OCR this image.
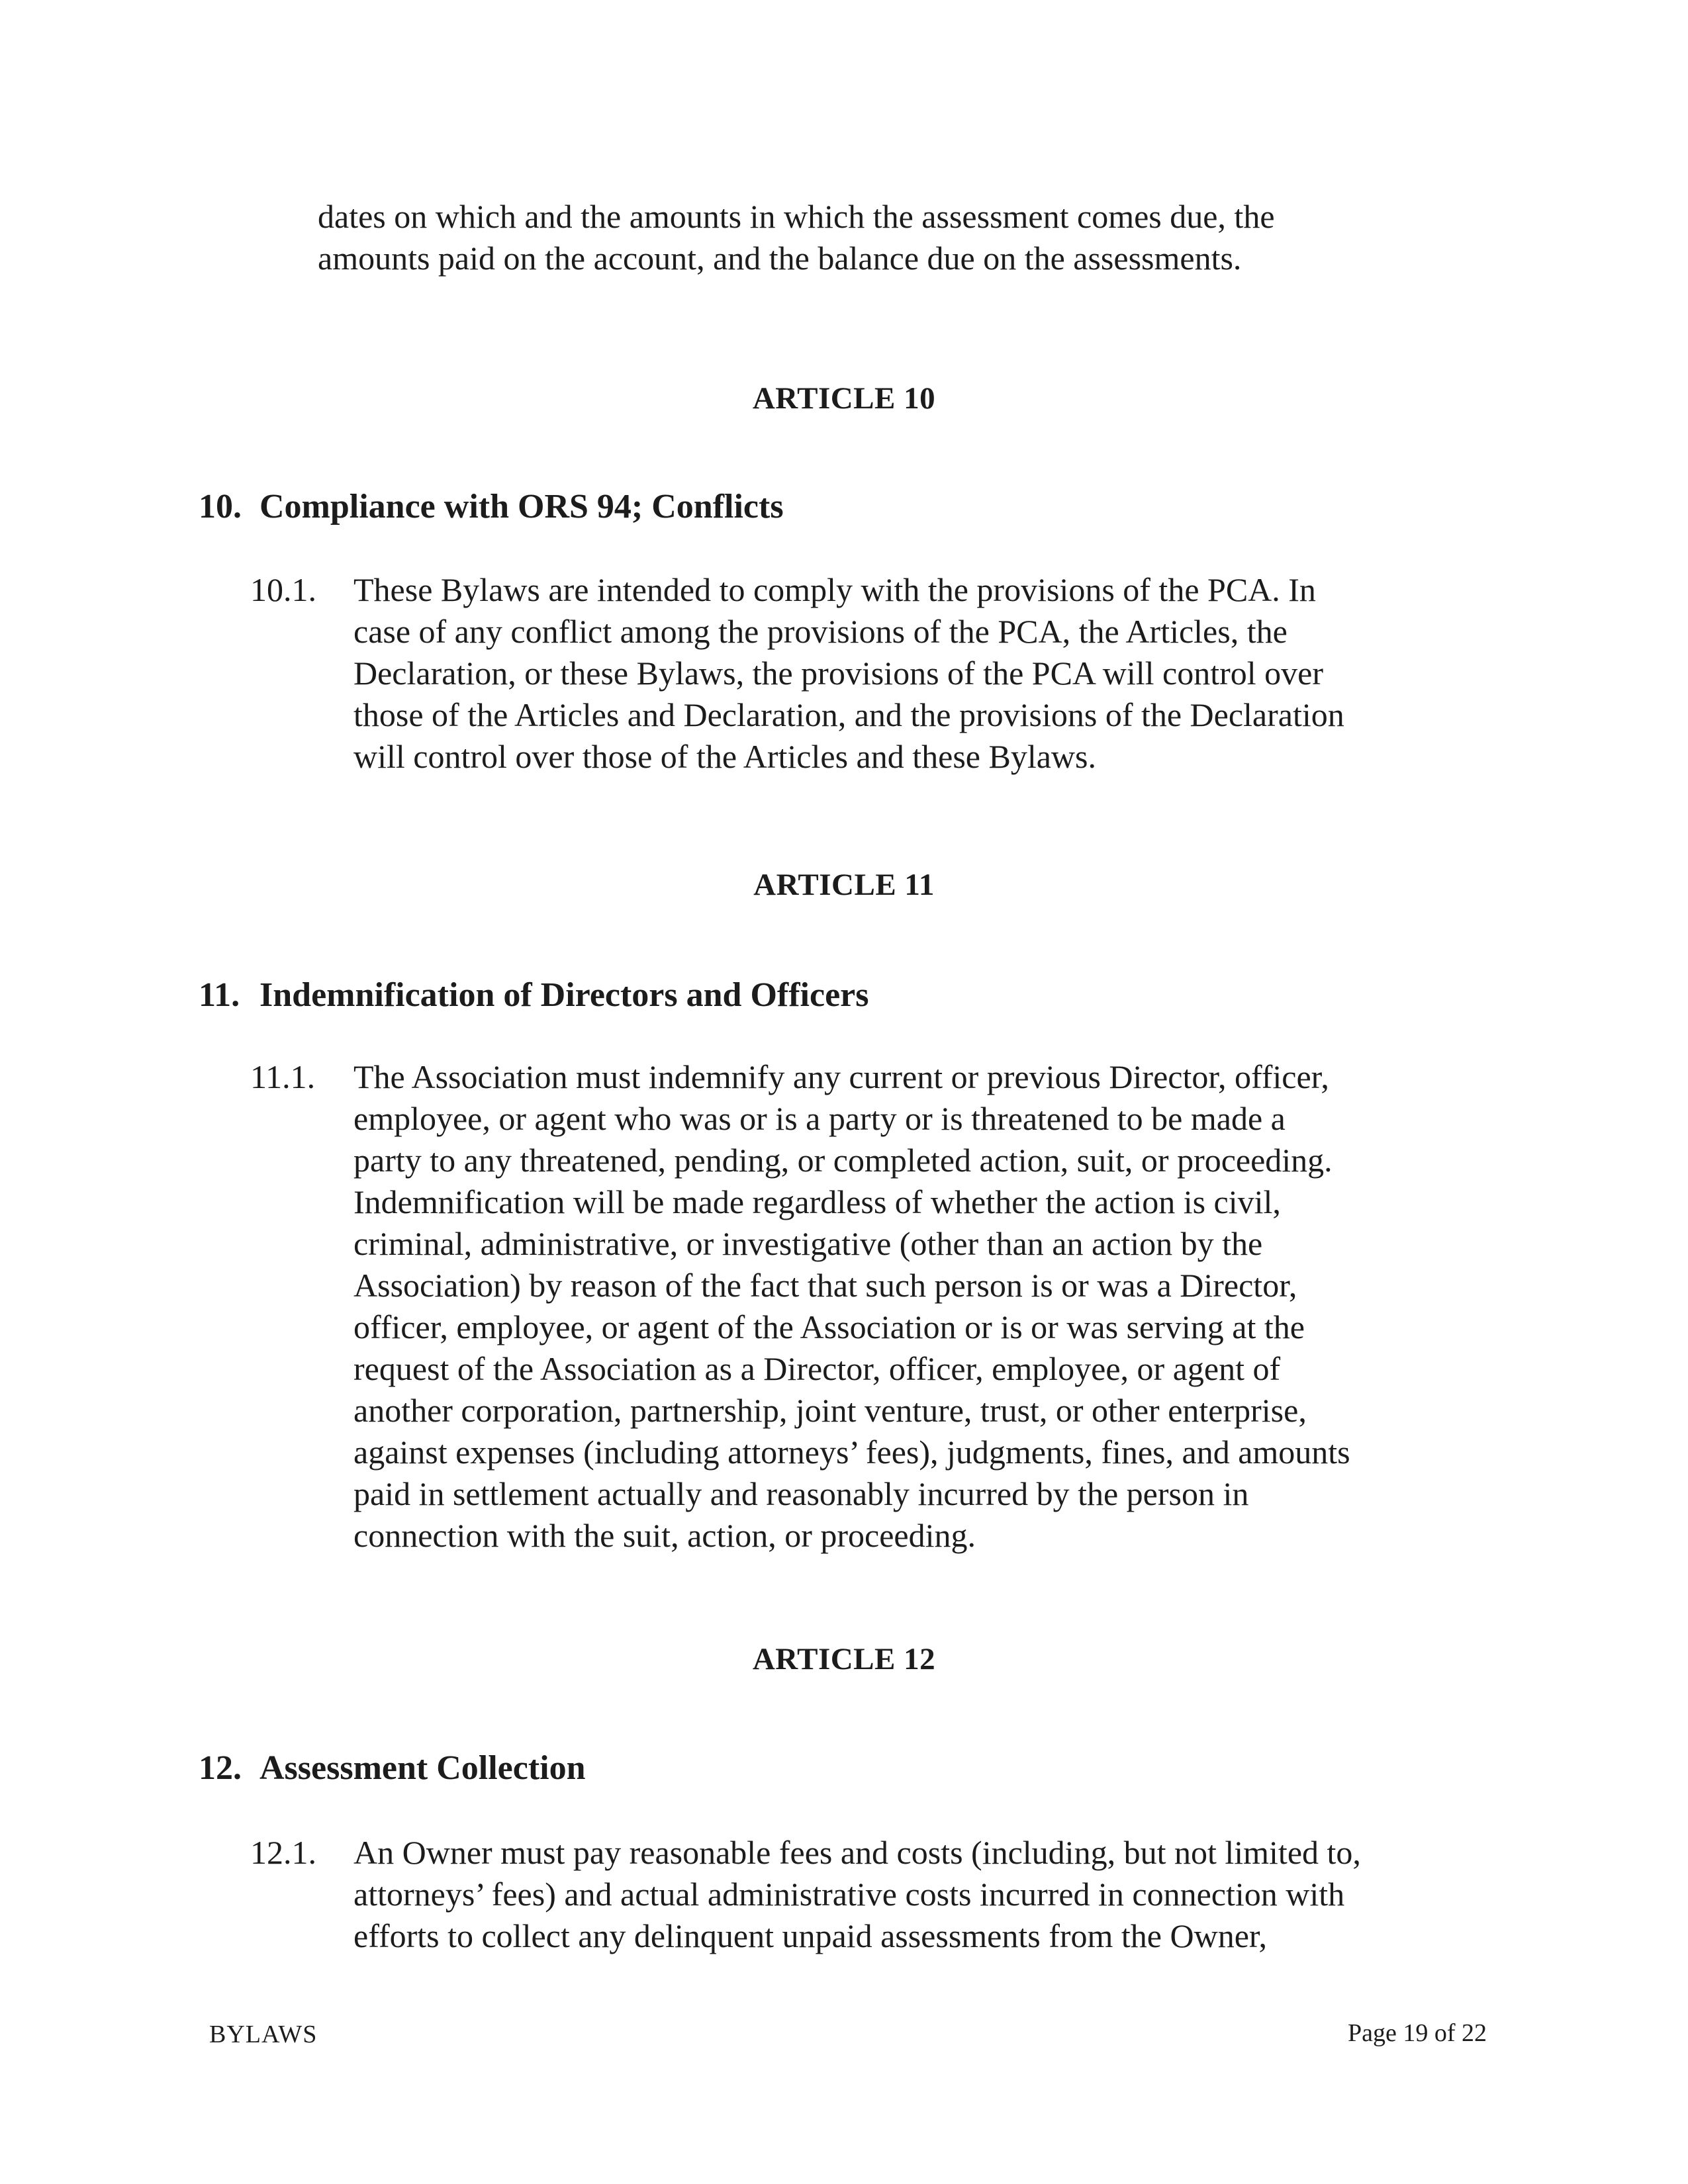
dates on which and the amounts in which the assessment comes due, the
amounts paid on the account, and the balance due on the assessments.
ARTICLE 10
10. Compliance with ORS 94; Conflicts
10.1. These Bylaws are intended to comply with the provisions of the PCA. In
case of any conflict among the provisions of the PCA, the Articles, the
Declaration, or these Bylaws, the provisions of the PCA will control over
those of the Articles and Declaration, and the provisions of the Declaration
will control over those of the Articles and these Bylaws.
ARTICLE 11
11. Indemnification of Directors and Officers
11.1. The Association must indemnify any current or previous Director, officer,
employee, or agent who was or is a party or is threatened to be made a
party to any threatened, pending, or completed action, suit, or proceeding.
Indemnification will be made regardless of whether the action is civil,
criminal, administrative, or investigative (other than an action by the
Association) by reason of the fact that such person is or was a Director,
officer, employee, or agent of the Association or is or was serving at the
request of the Association as a Director, officer, employee, or agent of
another corporation, partnership, joint venture, trust, or other enterprise,
against expenses (including attorneys’ fees), judgments, fines, and amounts
paid in settlement actually and reasonably incurred by the person in
connection with the suit, action, or proceeding.
ARTICLE 12
12. Assessment Collection
12.1. An Owner must pay reasonable fees and costs (including, but not limited to,
attorneys’ fees) and actual administrative costs incurred in connection with
efforts to collect any delinquent unpaid assessments from the Owner,
BYLAWS	Page 19 of 22
